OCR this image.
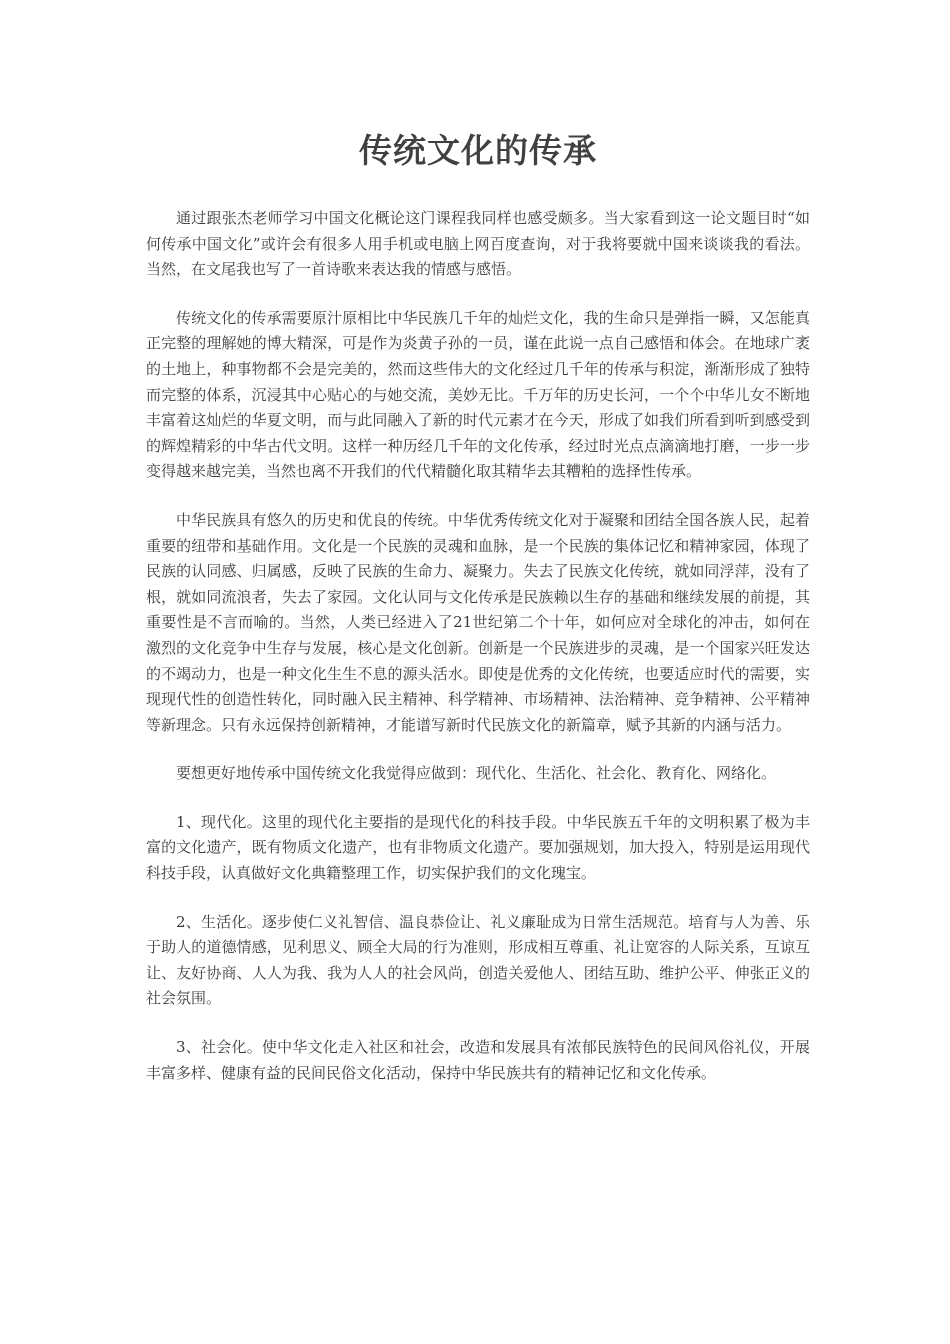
传统文化的传承

通过跟张杰老师学习中国文化概论这门课程我同样也感受颇多。当大家看到这一论文题目时“如何传承中国文化”或许会有很多人用手机或电脑上网百度查询，对于我将要就中国来谈谈我的看法。当然，在文尾我也写了一首诗歌来表达我的情感与感悟。

传统文化的传承需要原汁原相比中华民族几千年的灿烂文化，我的生命只是弹指一瞬，又怎能真正完整的理解她的博大精深，可是作为炎黄子孙的一员，谨在此说一点自己感悟和体会。在地球广袤的土地上，种事物都不会是完美的，然而这些伟大的文化经过几千年的传承与积淀，渐渐形成了独特而完整的体系，沉浸其中心贴心的与她交流，美妙无比。千万年的历史长河，一个个中华儿女不断地丰富着这灿烂的华夏文明，而与此同融入了新的时代元素才在今天，形成了如我们所看到听到感受到的辉煌精彩的中华古代文明。这样一种历经几千年的文化传承，经过时光点点滴滴地打磨，一步一步变得越来越完美，当然也离不开我们的代代精髓化取其精华去其糟粕的选择性传承。

中华民族具有悠久的历史和优良的传统。中华优秀传统文化对于凝聚和团结全国各族人民，起着重要的纽带和基础作用。文化是一个民族的灵魂和血脉，是一个民族的集体记忆和精神家园，体现了民族的认同感、归属感，反映了民族的生命力、凝聚力。失去了民族文化传统，就如同浮萍，没有了根，就如同流浪者，失去了家园。文化认同与文化传承是民族赖以生存的基础和继续发展的前提，其重要性是不言而喻的。当然，人类已经进入了21世纪第二个十年，如何应对全球化的冲击，如何在激烈的文化竞争中生存与发展，核心是文化创新。创新是一个民族进步的灵魂，是一个国家兴旺发达的不竭动力，也是一种文化生生不息的源头活水。即使是优秀的文化传统，也要适应时代的需要，实现现代性的创造性转化，同时融入民主精神、科学精神、市场精神、法治精神、竞争精神、公平精神等新理念。只有永远保持创新精神，才能谱写新时代民族文化的新篇章，赋予其新的内涵与活力。

要想更好地传承中国传统文化我觉得应做到：现代化、生活化、社会化、教育化、网络化。

1、现代化。这里的现代化主要指的是现代化的科技手段。中华民族五千年的文明积累了极为丰富的文化遗产，既有物质文化遗产，也有非物质文化遗产。要加强规划，加大投入，特别是运用现代科技手段，认真做好文化典籍整理工作，切实保护我们的文化瑰宝。

2、生活化。逐步使仁义礼智信、温良恭俭让、礼义廉耻成为日常生活规范。培育与人为善、乐于助人的道德情感，见利思义、顾全大局的行为准则，形成相互尊重、礼让宽容的人际关系，互谅互让、友好协商、人人为我、我为人人的社会风尚，创造关爱他人、团结互助、维护公平、伸张正义的社会氛围。

3、社会化。使中华文化走入社区和社会，改造和发展具有浓郁民族特色的民间风俗礼仪，开展丰富多样、健康有益的民间民俗文化活动，保持中华民族共有的精神记忆和文化传承。
